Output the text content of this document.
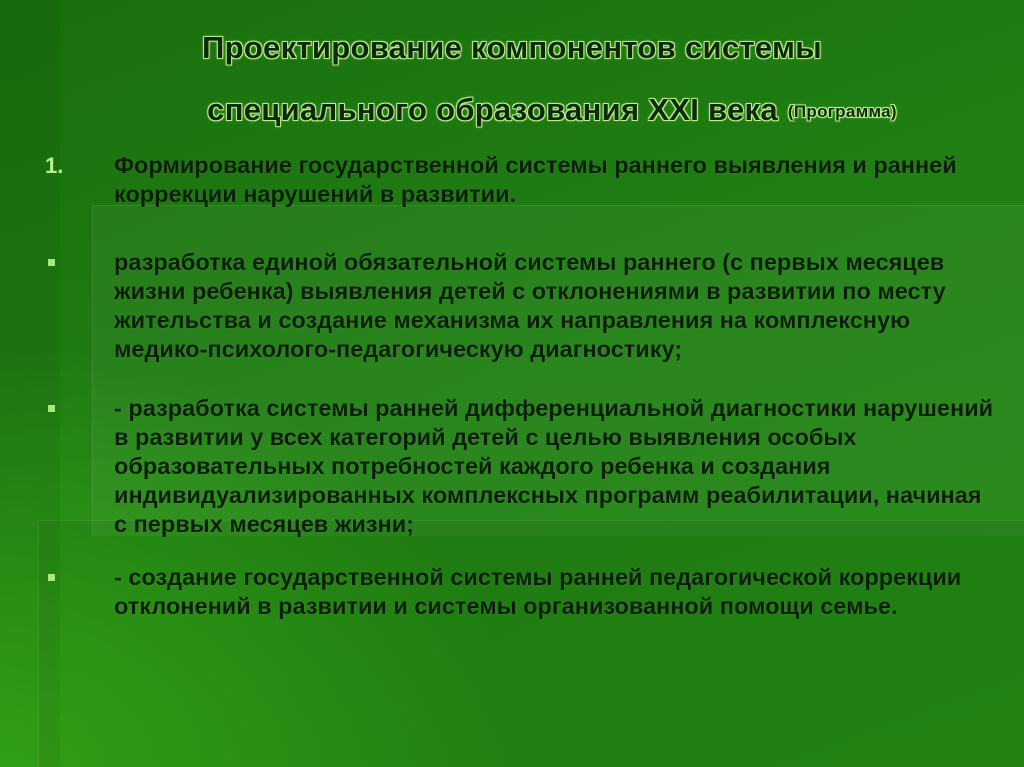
Проектирование компонентов системы
специального образования XXI века (Программа)
1. Формирование государственной системы раннего выявления и ранней коррекции нарушений в развитии.
разработка единой обязательной системы раннего (с первых месяцев жизни ребенка) выявления детей с отклонениями в развитии по месту жительства и создание механизма их направления на комплексную медико-психолого-педагогическую диагностику;
- разработка системы ранней дифференциальной диагностики нарушений в развитии у всех категорий детей с целью выявления особых образовательных потребностей каждого ребенка и создания индивидуализированных комплексных программ реабилитации, начиная с первых месяцев жизни;
- создание государственной системы ранней педагогической коррекции отклонений в развитии и системы организованной помощи семье.
